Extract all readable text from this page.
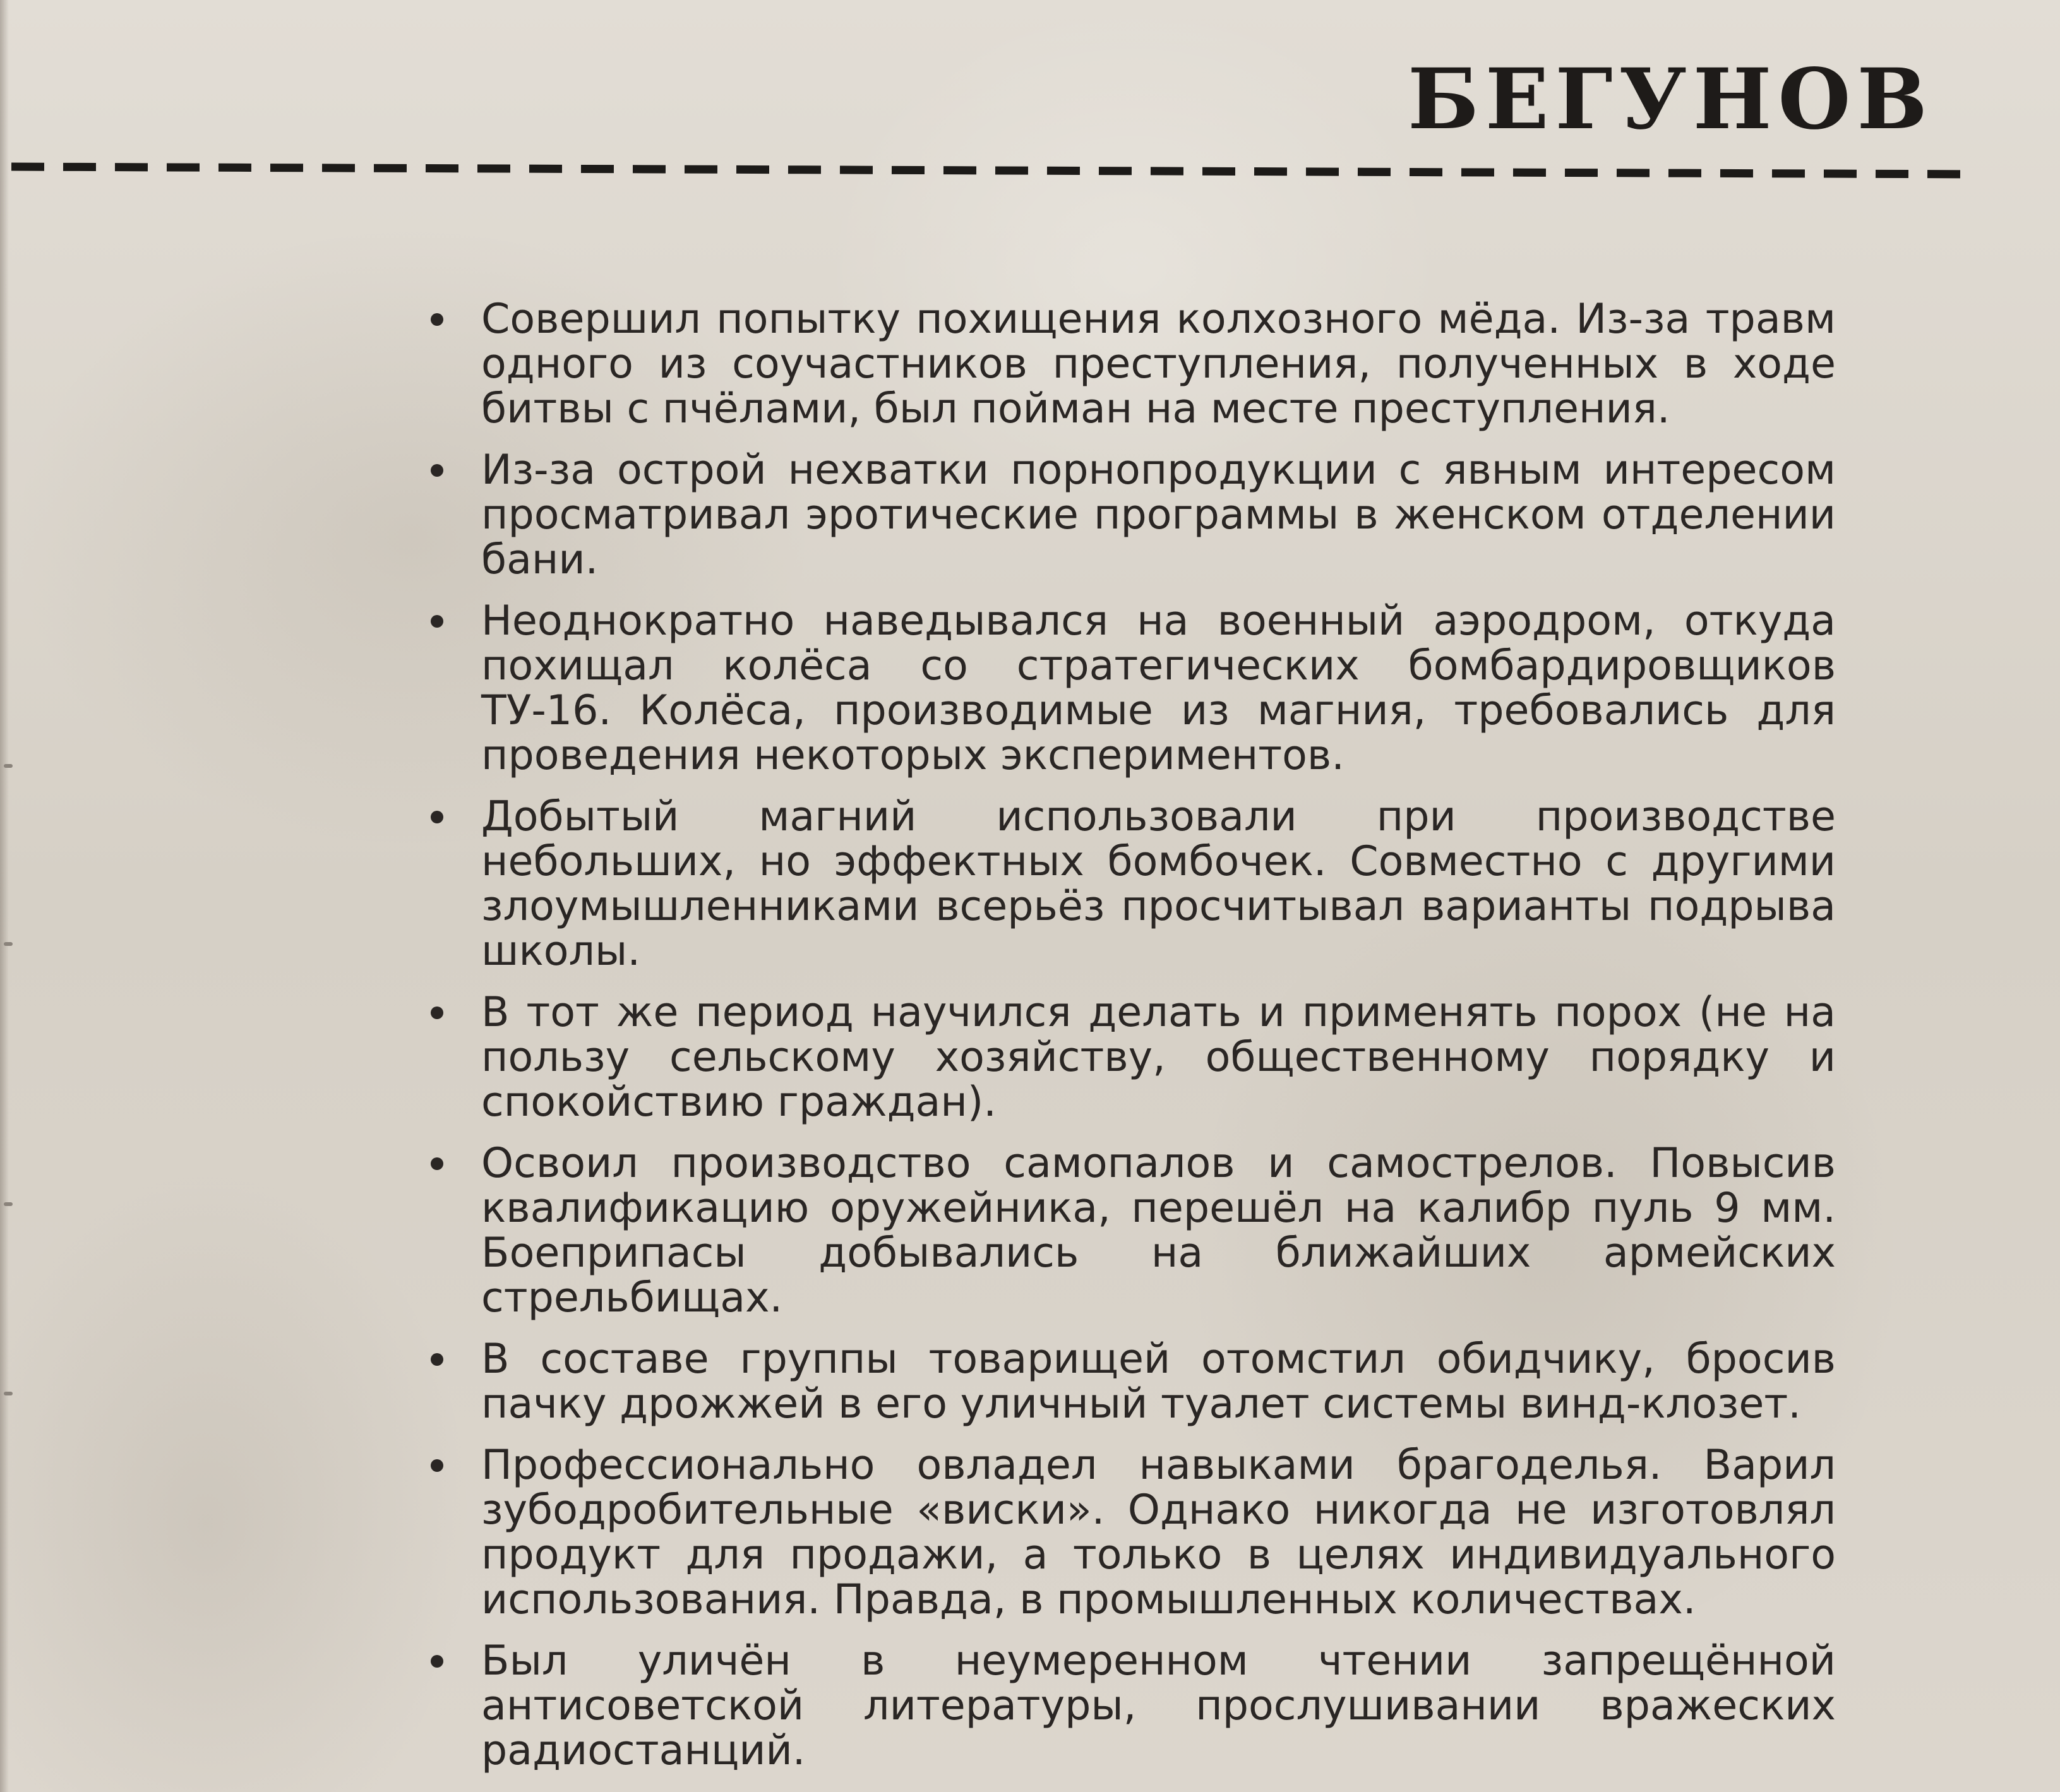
БЕГУНОВ
Совершил попытку похищения колхозного мёда. Из-за травм одного из соучастников преступления, полученных в ходе битвы с пчёлами, был пойман на месте преступления.
Из-за острой нехватки порнопродукции с явным интересом просматривал эротические программы в женском отделении бани.
Неоднократно наведывался на военный аэродром, откуда похищал колёса со стратегических бомбардировщиков ТУ-16. Колёса, производимые из магния, требовались для проведения некоторых экспериментов.
Добытый магний использовали при производстве небольших, но эффектных бомбочек. Совместно с другими злоумышленниками всерьёз просчитывал варианты подрыва школы.
В тот же период научился делать и применять порох (не на пользу сельскому хозяйству, общественному порядку и спокойствию граждан).
Освоил производство самопалов и самострелов. Повысив квалификацию оружейника, перешёл на калибр пуль 9 мм. Боеприпасы добывались на ближайших армейских стрельбищах.
В составе группы товарищей отомстил обидчику, бросив пачку дрожжей в его уличный туалет системы винд-клозет.
Профессионально овладел навыками брагоделья. Варил зубодробительные «виски». Однако никогда не изготовлял продукт для продажи, а только в целях индивидуального использования. Правда, в промышленных количествах.
Был уличён в неумеренном чтении запрещённой антисоветской литературы, прослушивании вражеских радиостанций.
